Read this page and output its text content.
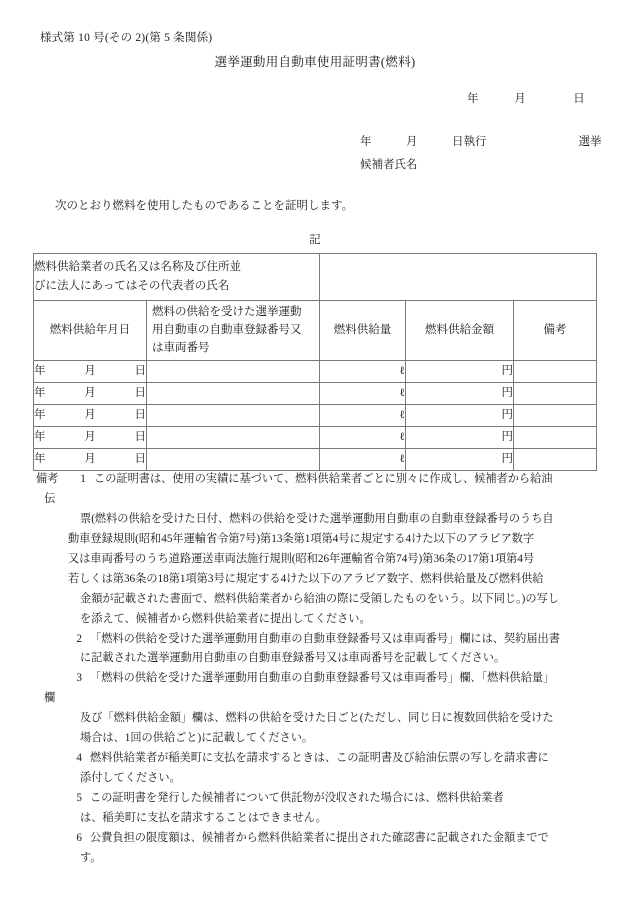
様式第 10 号(その 2)(第 5 条関係)
選挙運動用自動車使用証明書(燃料)
年　　　月　　　　日
年　　　月　　　日執行	選挙
候補者氏名
次のとおり燃料を使用したものであることを証明します。
記
燃料供給業者の氏名又は名称及び住所並
びに法人にあってはその代表者の氏名				

燃料供給年月日	燃料の供給を受けた選挙運動
用自動車の自動車登録番号又
は車両番号	燃料供給量	燃料供給金額	備考

年 月 日		ℓ	円	

年 月 日		ℓ	円	

年 月 日		ℓ	円	

年 月 日		ℓ	円	

年 月 日		ℓ	円	
備考 1 この証明書は、使用の実績に基づいて、燃料供給業者ごとに別々に作成し、候補者から給油
伝
票(燃料の供給を受けた日付、燃料の供給を受けた選挙運動用自動車の自動車登録番号のうち自
動車登録規則(昭和45年運輸省令第7号)第13条第1項第4号に規定する4けた以下のアラビア数字
又は車両番号のうち道路運送車両法施行規則(昭和26年運輸省令第74号)第36条の17第1項第4号
若しくは第36条の18第1項第3号に規定する4けた以下のアラビア数字、燃料供給量及び燃料供給
金額が記載された書面で、燃料供給業者から給油の際に受領したものをいう。以下同じ。)の写し
を添えて、候補者から燃料供給業者に提出してください。
2 「燃料の供給を受けた選挙運動用自動車の自動車登録番号又は車両番号」欄には、契約届出書
に記載された選挙運動用自動車の自動車登録番号又は車両番号を記載してください。
3 「燃料の供給を受けた選挙運動用自動車の自動車登録番号又は車両番号」欄、「燃料供給量」
欄
及び「燃料供給金額」欄は、燃料の供給を受けた日ごと(ただし、同じ日に複数回供給を受けた
場合は、1回の供給ごと)に記載してください。
4 燃料供給業者が稲美町に支払を請求するときは、この証明書及び給油伝票の写しを請求書に
添付してください。
5 この証明書を発行した候補者について供託物が没収された場合には、燃料供給業者
は、稲美町に支払を請求することはできません。
6 公費負担の限度額は、候補者から燃料供給業者に提出された確認書に記載された金額までで
す。
